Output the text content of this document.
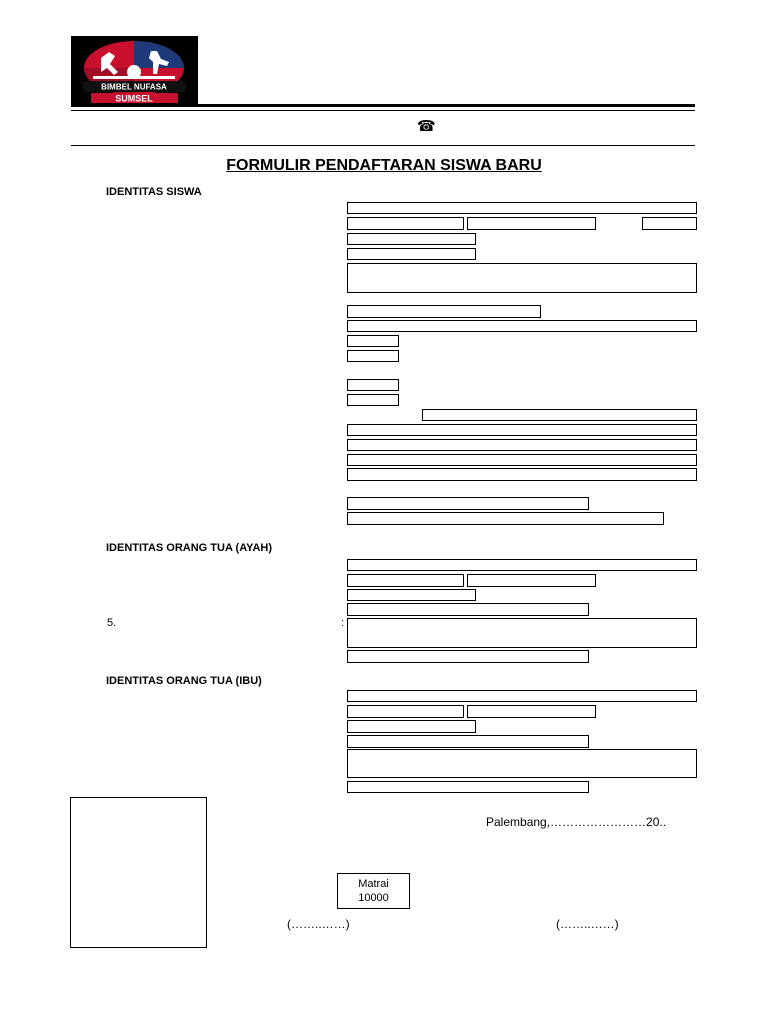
BIMBEL NUFASA
SUMSEL
☎
FORMULIR PENDAFTARAN SISWA BARU
IDENTITAS SISWA
IDENTITAS ORANG TUA (AYAH)
5.	:
IDENTITAS ORANG TUA (IBU)
Palembang,……………………20..
Matrai
10000
(……..……)	(……..……)
